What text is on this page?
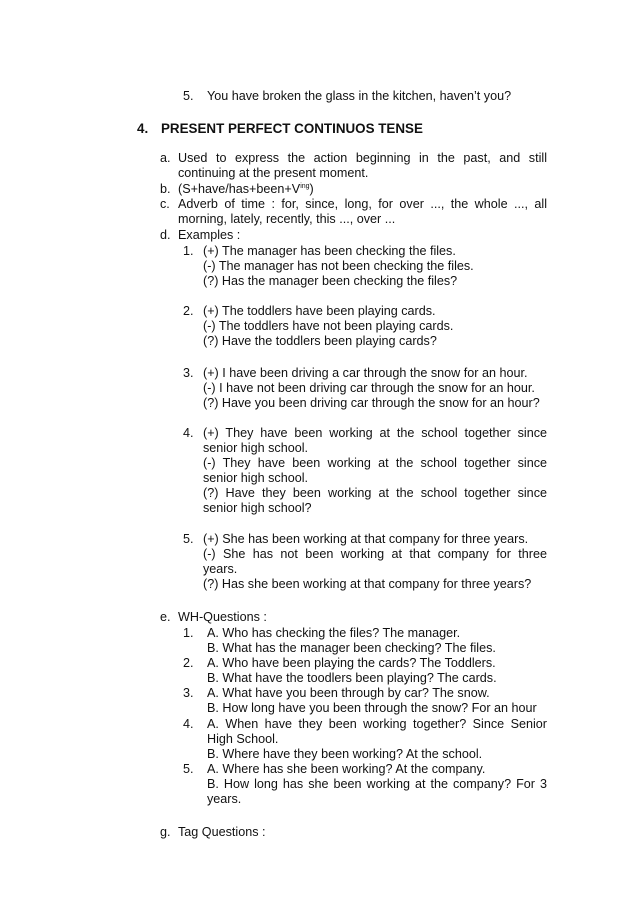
5. You have broken the glass in the kitchen, haven’t you?
4. PRESENT PERFECT CONTINUOS TENSE
a. Used to express the action beginning in the past, and still
continuing at the present moment.
b. $(S+have/has+been+V^{ing})$
c. Adverb of time : for, since, long, for over ..., the whole ..., all
morning, lately, recently, this ..., over ...
d. Examples :
1. (+) The manager has been checking the files.
(-) The manager has not been checking the files.
(?) Has the manager been checking the files?
2. (+) The toddlers have been playing cards.
(-) The toddlers have not been playing cards.
(?) Have the toddlers been playing cards?
3. (+) I have been driving a car through the snow for an hour.
(-) I have not been driving car through the snow for an hour.
(?) Have you been driving car through the snow for an hour?
4. (+) They have been working at the school together since
senior high school.
(-) They have been working at the school together since
senior high school.
(?) Have they been working at the school together since
senior high school?
5. (+) She has been working at that company for three years.
(-) She has not been working at that company for three
years.
(?) Has she been working at that company for three years?
e. WH-Questions :
1. A. Who has checking the files? The manager.
B. What has the manager been checking? The files.
2. A. Who have been playing the cards? The Toddlers.
B. What have the toodlers been playing? The cards.
3. A. What have you been through by car? The snow.
B. How long have you been through the snow? For an hour
4. A. When have they been working together? Since Senior
High School.
B. Where have they been working? At the school.
5. A. Where has she been working? At the company.
B. How long has she been working at the company? For 3
years.
g. Tag Questions :
